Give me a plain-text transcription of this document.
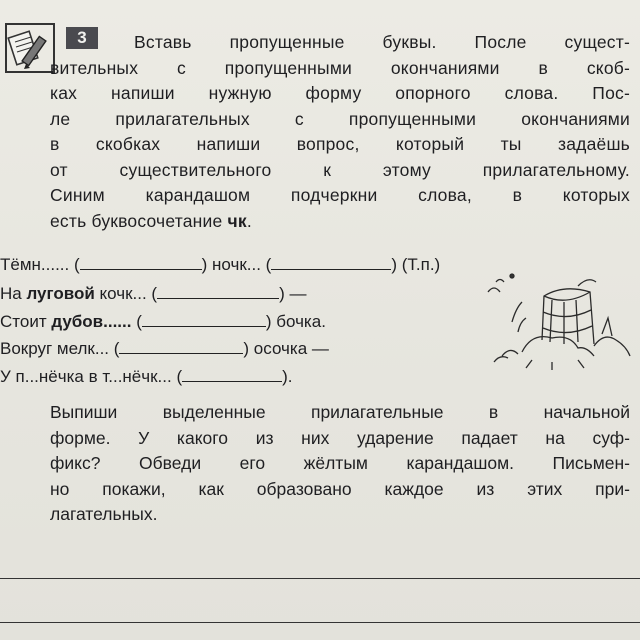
3	Вставь пропущенные буквы. После сущест-
вительных с пропущенными окончаниями в скоб-
ках напиши нужную форму опорного слова. Пос-
ле прилагательных с пропущенными окончаниями
в скобках напиши вопрос, который ты задаёшь
от существительного к этому прилагательному.
Синим карандашом подчеркни слова, в которых
есть буквосочетание чк.
Тёмн...... (	) ночк... (	) (Т.п.)
На луговой кочк... (	) —
Стоит дубов...... (	) бочка.
Вокруг мелк... (	) осочка —
У п...нёчка в т...нёчк... (	).
Выпиши выделенные прилагательные в начальной
форме. У какого из них ударение падает на суф-
фикс? Обведи его жёлтым карандашом. Письмен-
но покажи, как образовано каждое из этих при-
лагательных.
